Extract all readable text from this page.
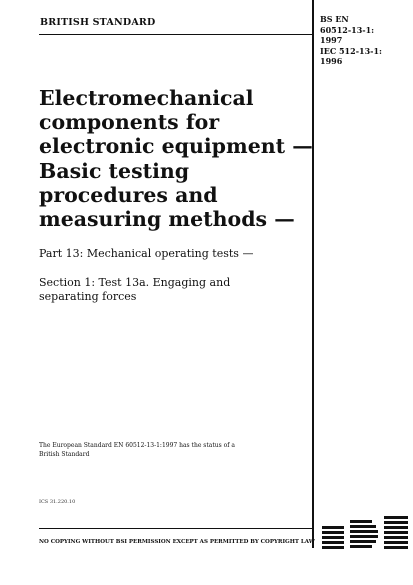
BRITISH STANDARD	BS EN
60512-13-1:
1997
IEC 512-13-1:
1996
Electromechanical
components for
electronic equipment —
Basic testing
procedures and
measuring methods —
Part 13: Mechanical operating tests —
Section 1: Test 13a. Engaging and
separating forces
The European Standard EN 60512-13-1:1997 has the status of a
British Standard
ICS 31.220.10
NO COPYING WITHOUT BSI PERMISSION EXCEPT AS PERMITTED BY COPYRIGHT LAW
